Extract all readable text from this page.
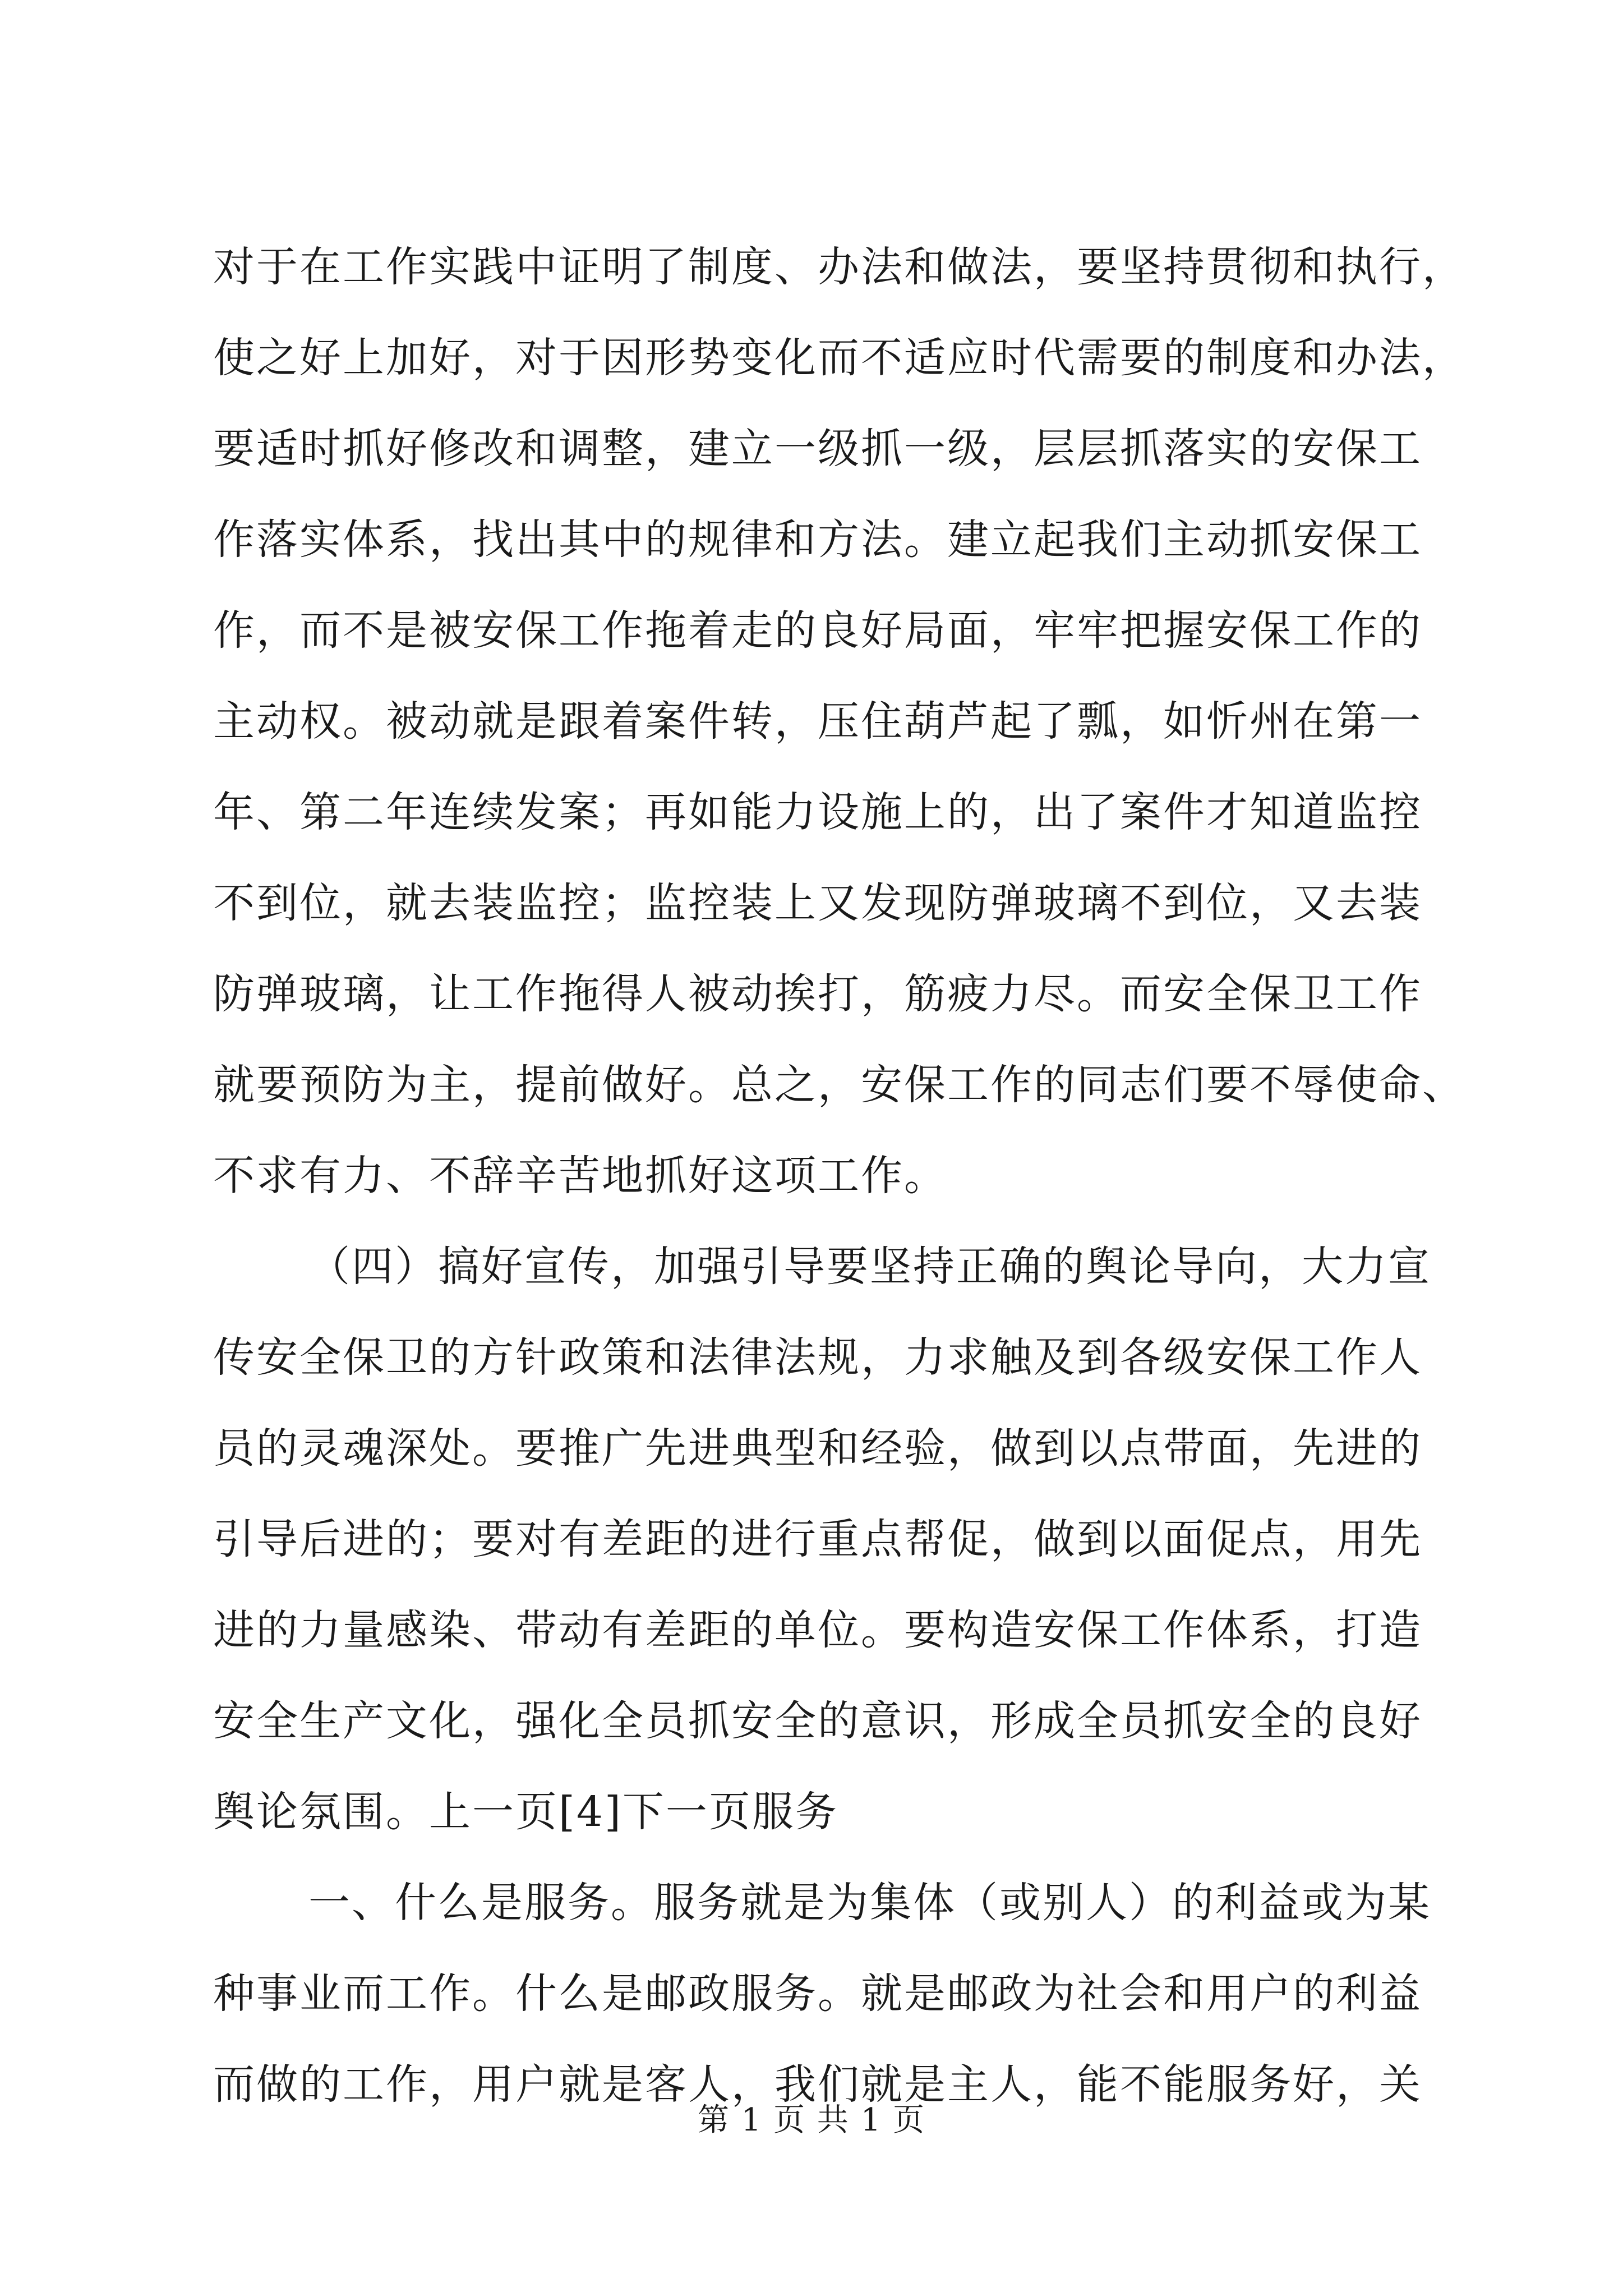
对于在工作实践中证明了制度、办法和做法，要坚持贯彻和执行，
使之好上加好，对于因形势变化而不适应时代需要的制度和办法，
要适时抓好修改和调整，建立一级抓一级，层层抓落实的安保工
作落实体系，找出其中的规律和方法。建立起我们主动抓安保工
作，而不是被安保工作拖着走的良好局面，牢牢把握安保工作的
主动权。被动就是跟着案件转，压住葫芦起了瓢，如忻州在第一
年、第二年连续发案；再如能力设施上的，出了案件才知道监控
不到位，就去装监控；监控装上又发现防弹玻璃不到位，又去装
防弹玻璃，让工作拖得人被动挨打，筋疲力尽。而安全保卫工作
就要预防为主，提前做好。总之，安保工作的同志们要不辱使命、
不求有力、不辞辛苦地抓好这项工作。
（四）搞好宣传，加强引导要坚持正确的舆论导向，大力宣
传安全保卫的方针政策和法律法规，力求触及到各级安保工作人
员的灵魂深处。要推广先进典型和经验，做到以点带面，先进的
引导后进的；要对有差距的进行重点帮促，做到以面促点，用先
进的力量感染、带动有差距的单位。要构造安保工作体系，打造
安全生产文化，强化全员抓安全的意识，形成全员抓安全的良好
舆论氛围。上一页[4]下一页服务
一、什么是服务。服务就是为集体（或别人）的利益或为某
种事业而工作。什么是邮政服务。就是邮政为社会和用户的利益
而做的工作，用户就是客人，我们就是主人，能不能服务好，关
第 1 页 共 1 页
